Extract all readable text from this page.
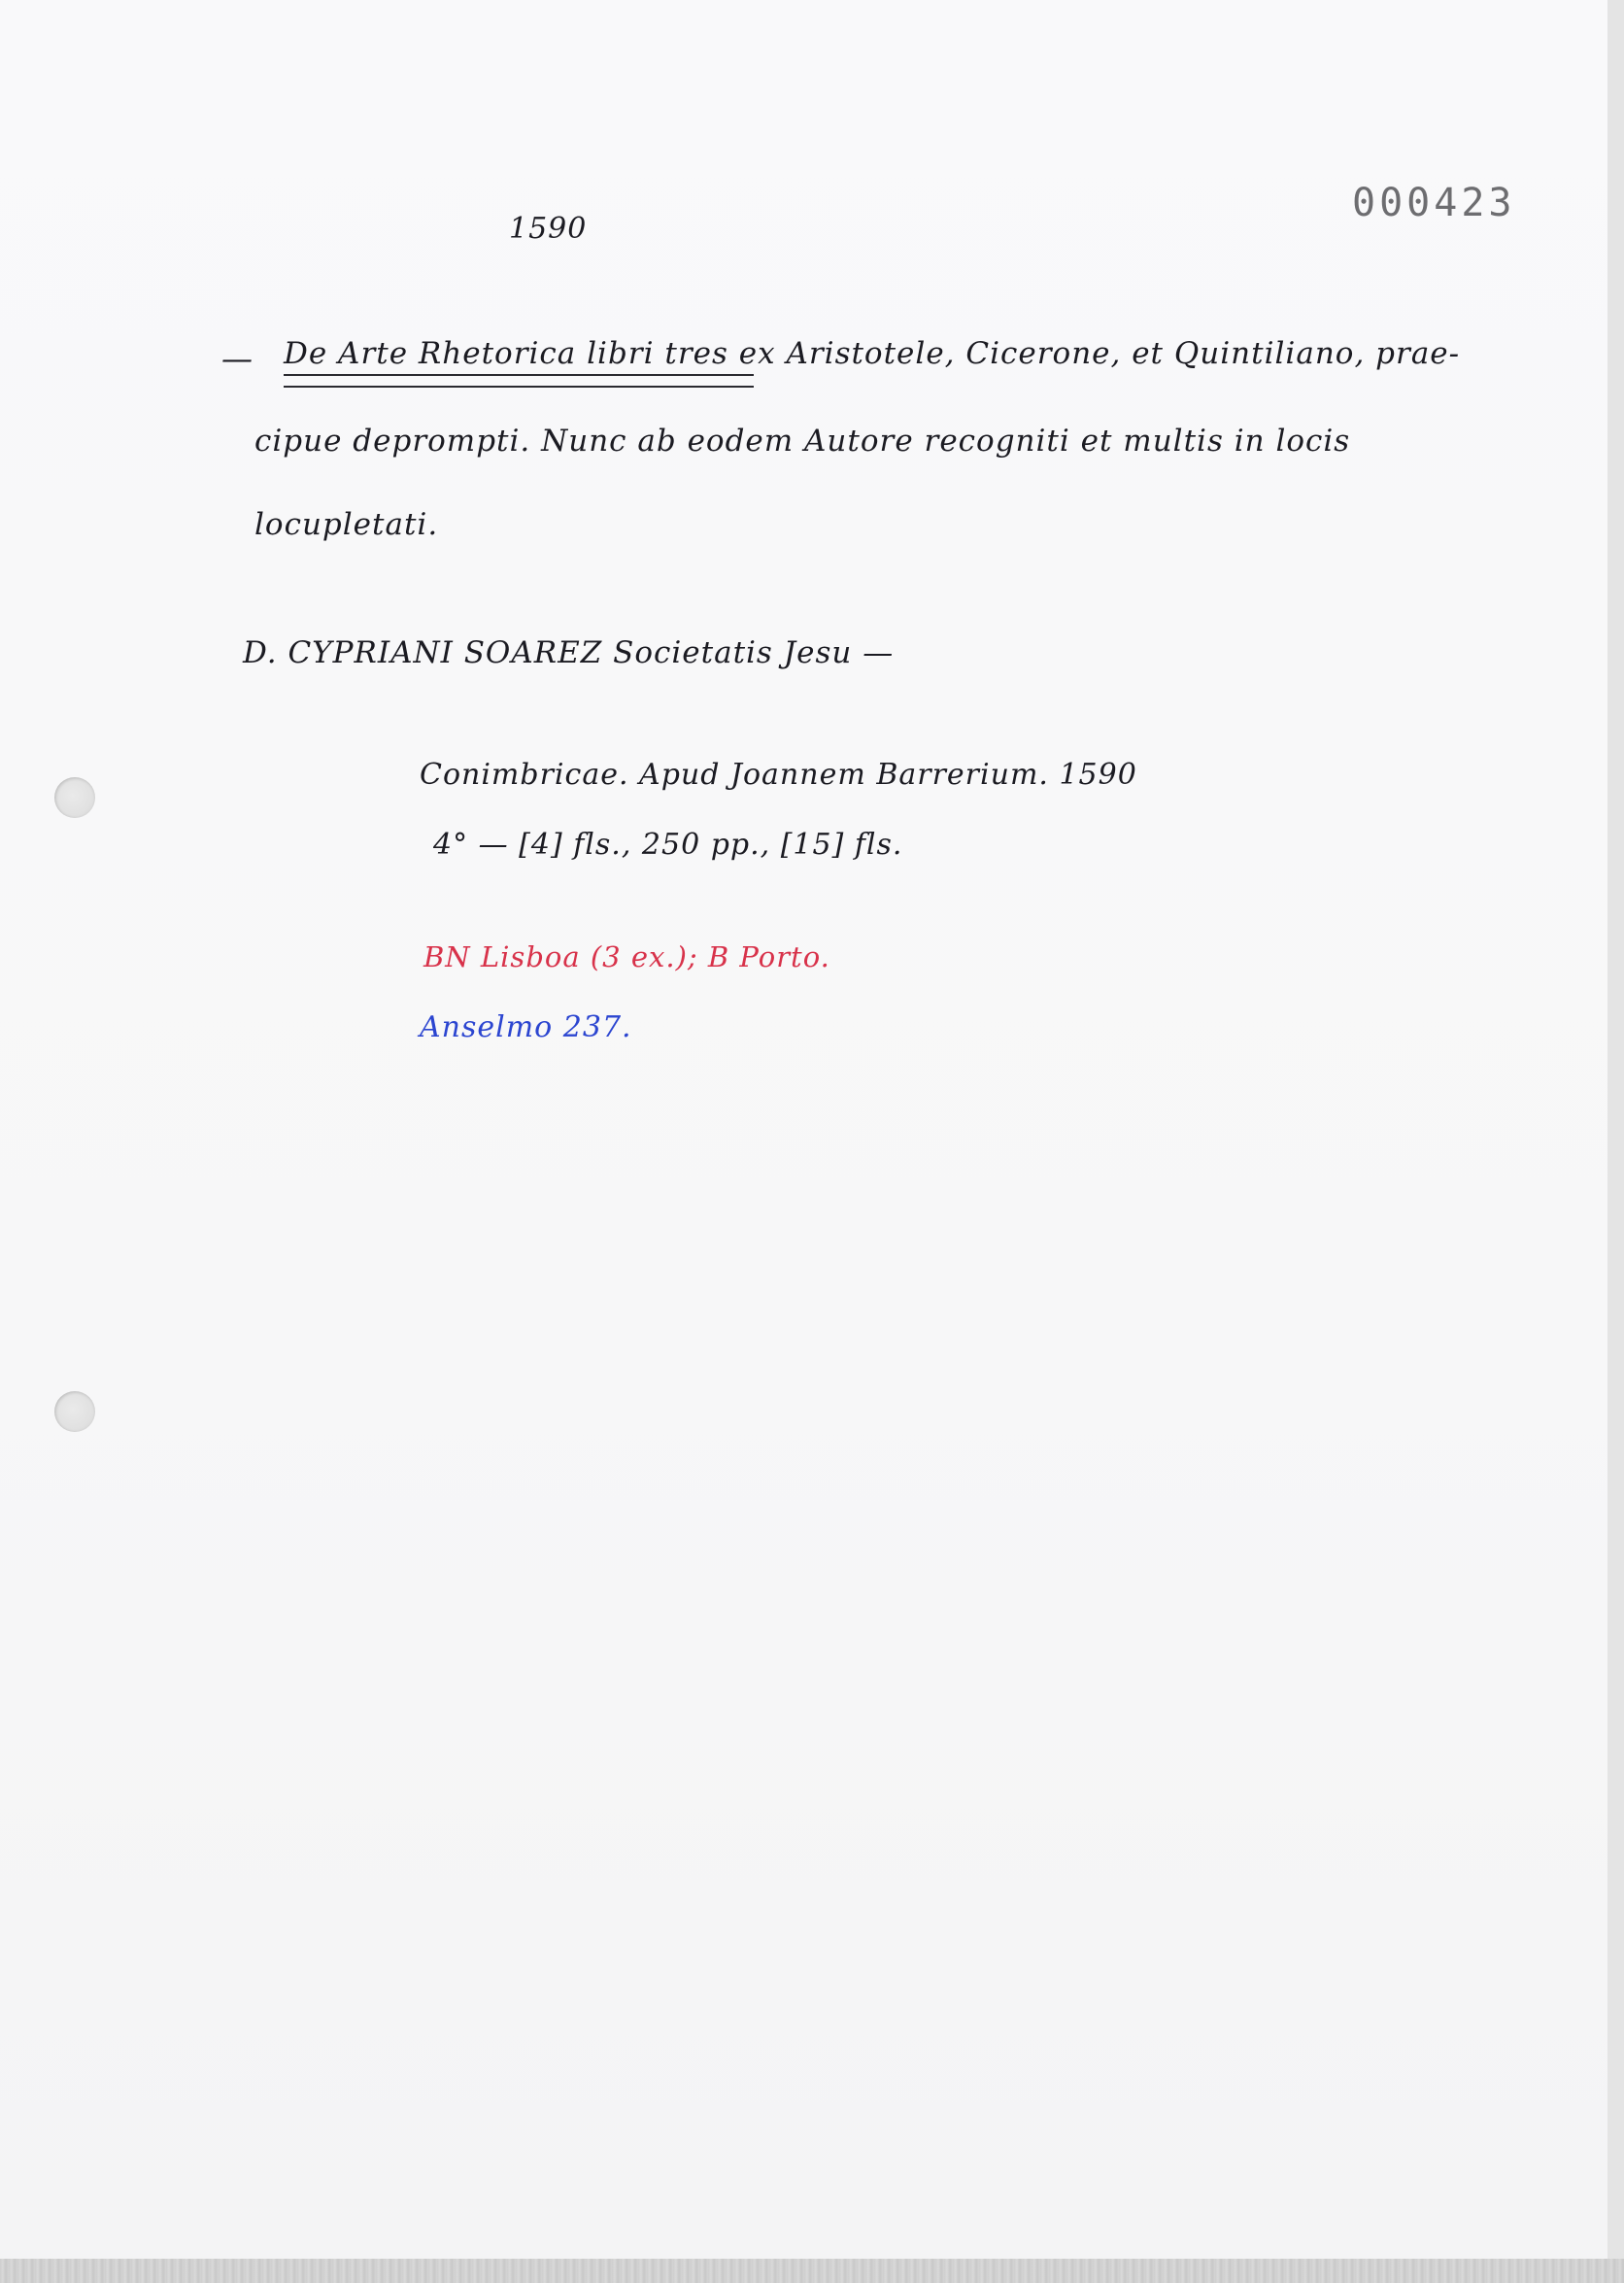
000423
1590
— De Arte Rhetorica libri tres ex Aristotele, Cicerone, et Quintiliano, prae-
cipue deprompti. Nunc ab eodem Autore recogniti et multis in locis
locupletati.
D. CYPRIANI SOAREZ Societatis Jesu —
Conimbricae. Apud Joannem Barrerium. 1590
4° — [4] fls., 250 pp., [15] fls.
BN Lisboa (3 ex.); B Porto.
Anselmo 237.
